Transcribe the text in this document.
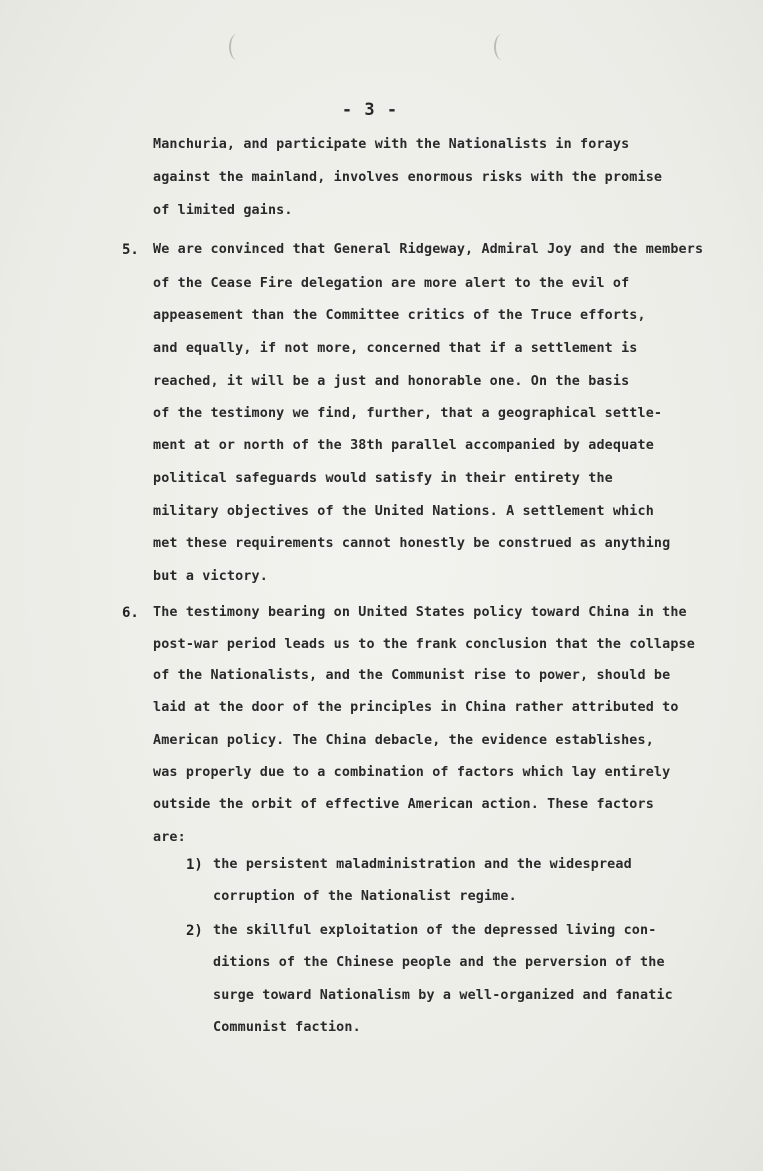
- 3 -
Manchuria, and participate with the Nationalists in forays
against the mainland, involves enormous risks with the promise
of limited gains.
5. We are convinced that General Ridgeway, Admiral Joy and the members
of the Cease Fire delegation are more alert to the evil of
appeasement than the Committee critics of the Truce efforts,
and equally, if not more, concerned that if a settlement is
reached, it will be a just and honorable one. On the basis
of the testimony we find, further, that a geographical settle-
ment at or north of the 38th parallel accompanied by adequate
political safeguards would satisfy in their entirety the
military objectives of the United Nations. A settlement which
met these requirements cannot honestly be construed as anything
but a victory.
6. The testimony bearing on United States policy toward China in the
post-war period leads us to the frank conclusion that the collapse
of the Nationalists, and the Communist rise to power, should be
laid at the door of the principles in China rather attributed to
American policy. The China debacle, the evidence establishes,
was properly due to a combination of factors which lay entirely
outside the orbit of effective American action. These factors
are:
1) the persistent maladministration and the widespread
corruption of the Nationalist regime.
2) the skillful exploitation of the depressed living con-
ditions of the Chinese people and the perversion of the
surge toward Nationalism by a well-organized and fanatic
Communist faction.
